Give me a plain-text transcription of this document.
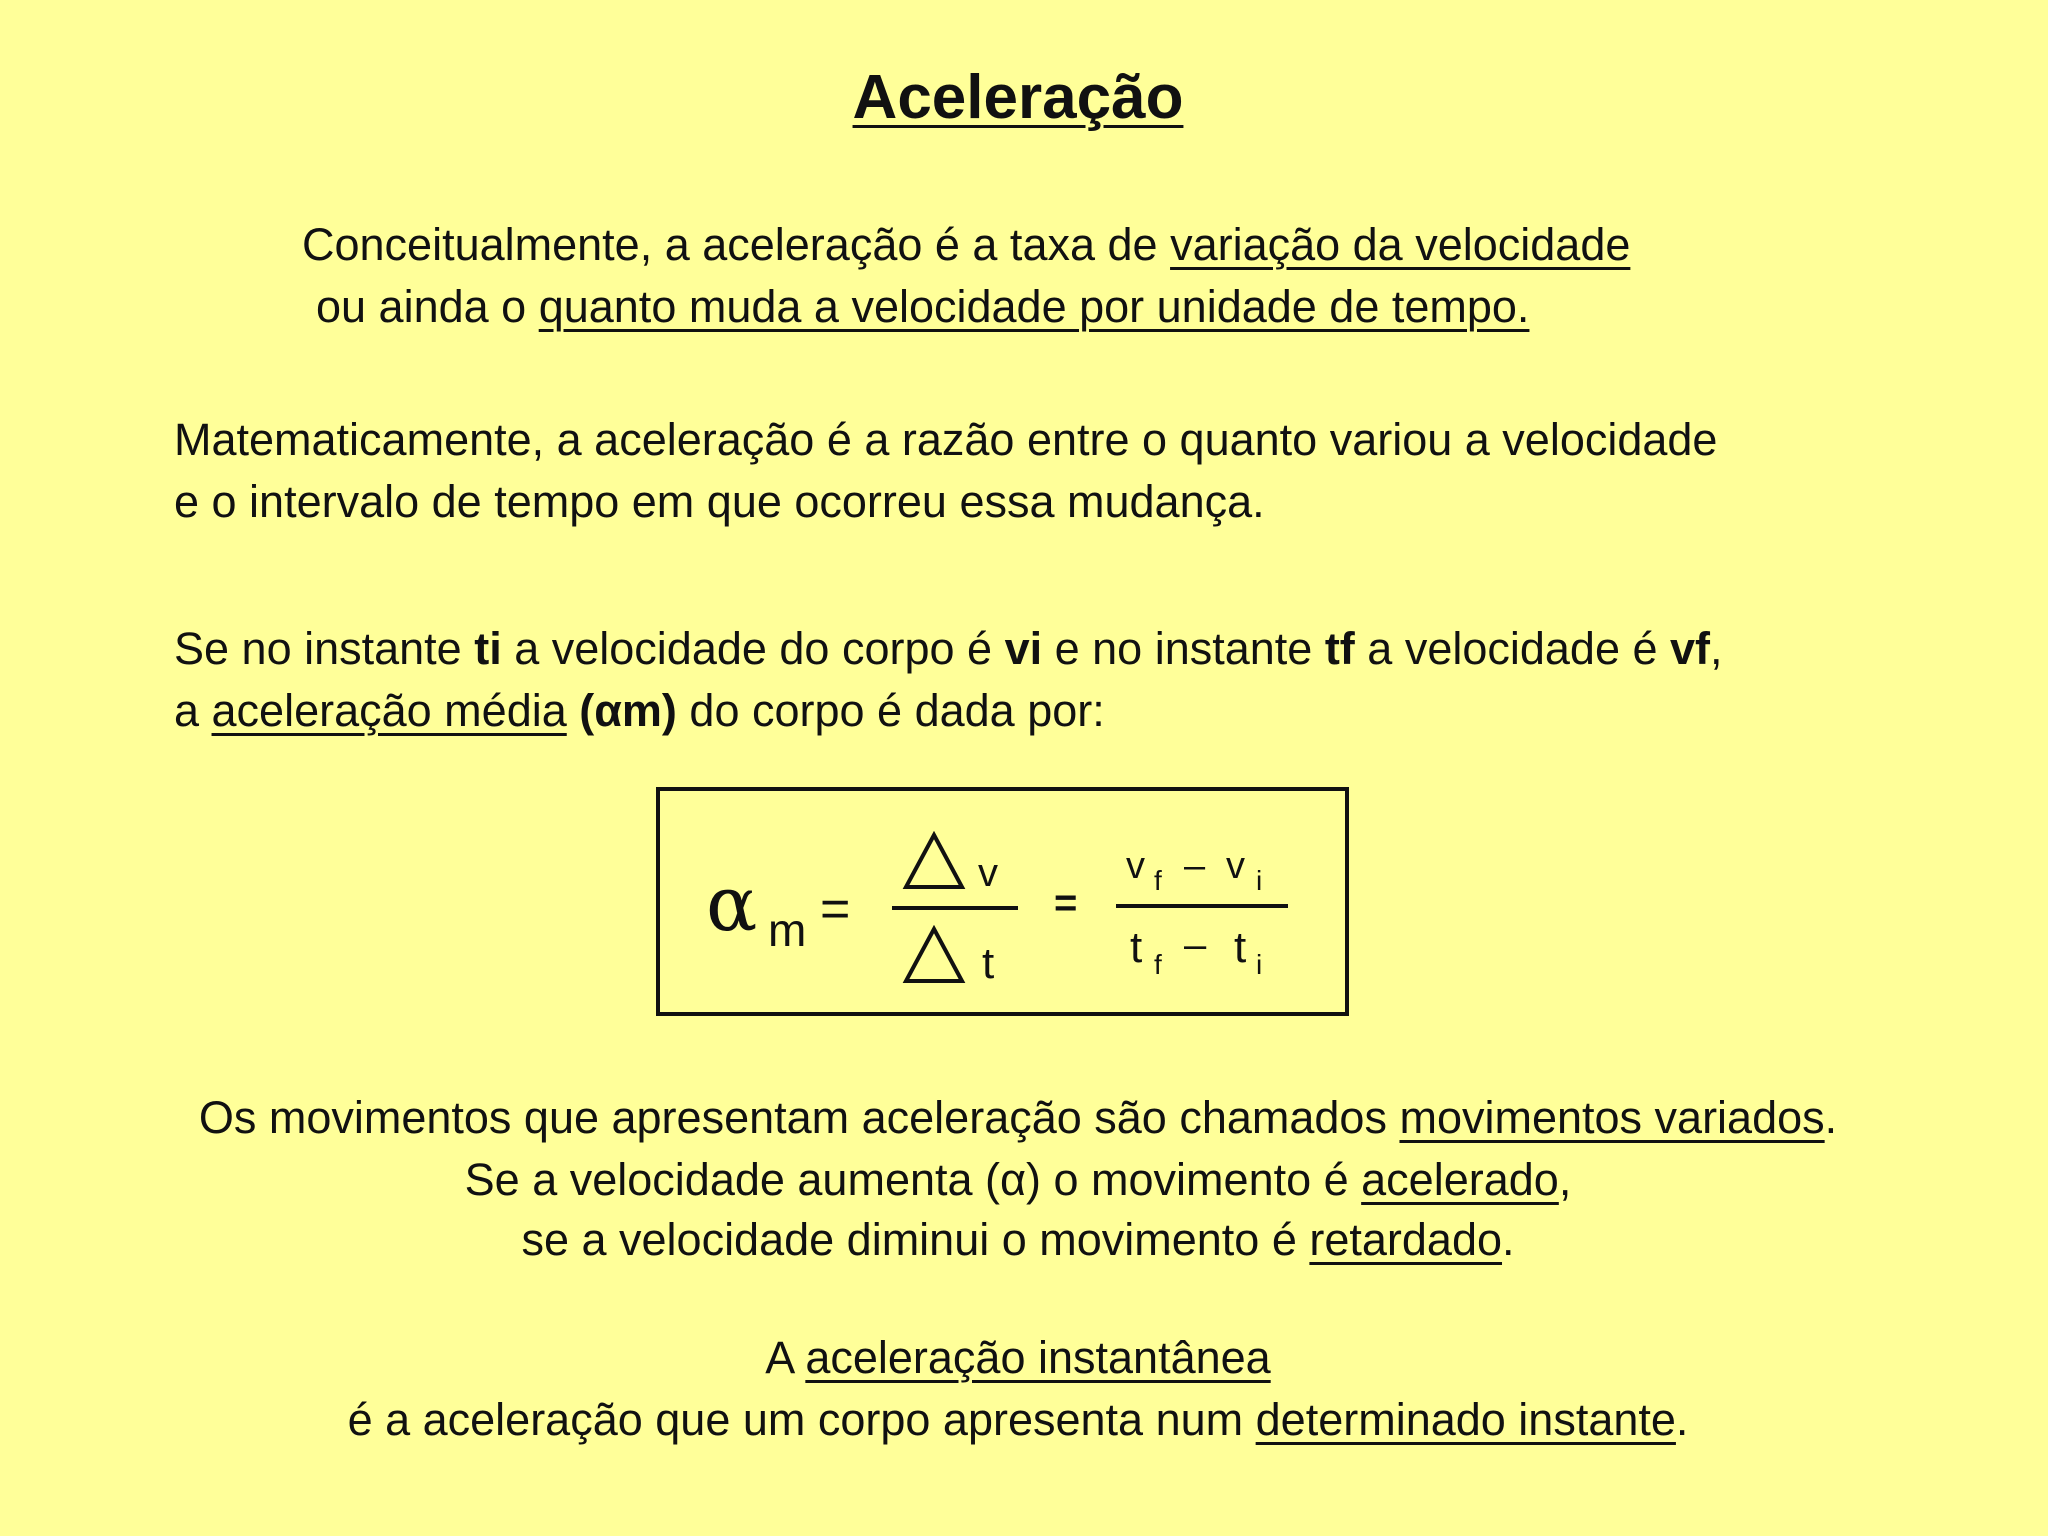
Aceleração
Conceitualmente, a aceleração é a taxa de variação da velocidade
ou ainda o quanto muda a velocidade por unidade de tempo.
Matematicamente, a aceleração é a razão entre o quanto variou a velocidade
e o intervalo de tempo em que ocorreu essa mudança.
Se no instante ti a velocidade do corpo é vi e no instante tf a velocidade é vf,
a aceleração média (αm) do corpo é dada por:
α m =
v
t
=
v f – v i
t f – t i
Os movimentos que apresentam aceleração são chamados movimentos variados.
Se a velocidade aumenta (α) o movimento é acelerado,
se a velocidade diminui o movimento é retardado.
A aceleração instantânea
é a aceleração que um corpo apresenta num determinado instante.
